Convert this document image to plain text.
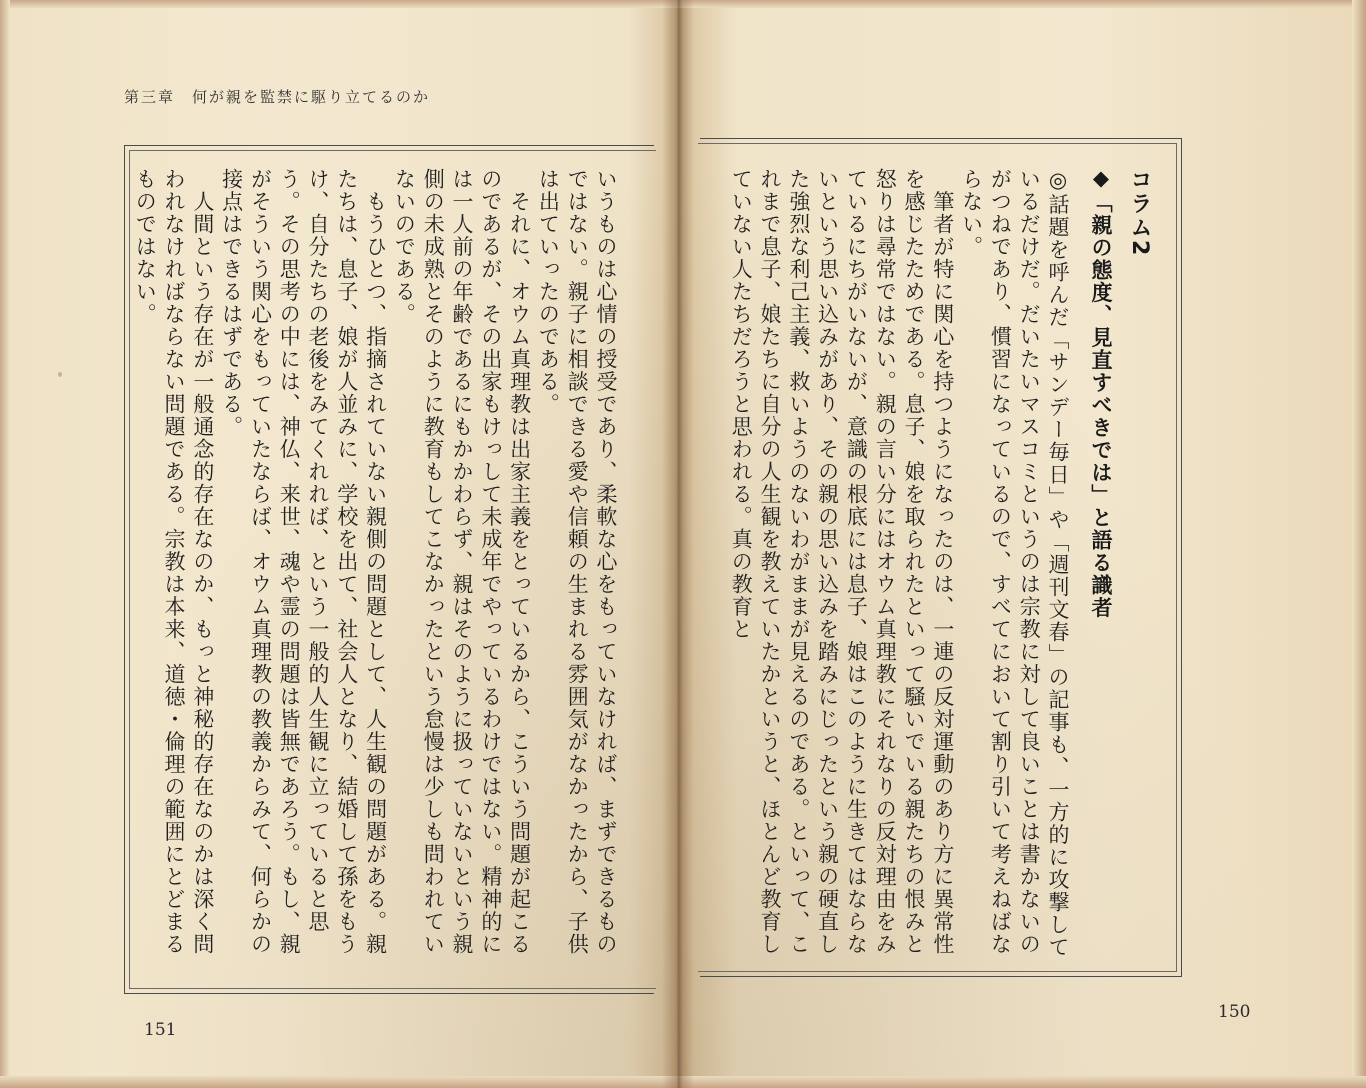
第三章　何が親を監禁に駆り立てるのか
コラム2
◆「親の態度、見直すべきでは」と語る識者

◎話題を呼んだ「サンデー毎日」や「週刊文春」の記事も、一方的に攻撃しているだけだ。だいたいマスコミというのは宗教に対して良いことは書かないのがつねであり、慣習になっているので、すべてにおいて割り引いて考えねばならない。

　筆者が特に関心を持つようになったのは、一連の反対運動のあり方に異常性を感じたためである。息子、娘を取られたといって騒いでいる親たちの恨みと怒りは尋常ではない。親の言い分にはオウム真理教にそれなりの反対理由をみているにちがいないが、意識の根底には息子、娘はこのように生きてはならないという思い込みがあり、その親の思い込みを踏みにじったという親の硬直した強烈な利己主義、救いようのないわがままが見えるのである。といって、これまで息子、娘たちに自分の人生観を教えていたかというと、ほとんど教育していない人たちだろうと思われる。真の教育と

いうものは心情の授受であり、柔軟な心をもっていなければ、まずできるものではない。親子に相談できる愛や信頼の生まれる雰囲気がなかったから、子供は出ていったのである。

　それに、オウム真理教は出家主義をとっているから、こういう問題が起こるのであるが、その出家もけっして未成年でやっているわけではない。精神的には一人前の年齢であるにもかかわらず、親はそのように扱っていないという親側の未成熟とそのように教育もしてこなかったという怠慢は少しも問われていないのである。

　もうひとつ、指摘されていない親側の問題として、人生観の問題がある。親たちは、息子、娘が人並みに、学校を出て、社会人となり、結婚して孫をもうけ、自分たちの老後をみてくれれば、という一般的人生観に立っていると思う。その思考の中には、神仏、来世、魂や霊の問題は皆無であろう。もし、親がそういう関心をもっていたならば、オウム真理教の教義からみて、何らかの接点はできるはずである。

　人間という存在が一般通念的存在なのか、もっと神秘的存在なのかは深く問われなければならない問題である。宗教は本来、道徳・倫理の範囲にとどまるものではない。

151
150
